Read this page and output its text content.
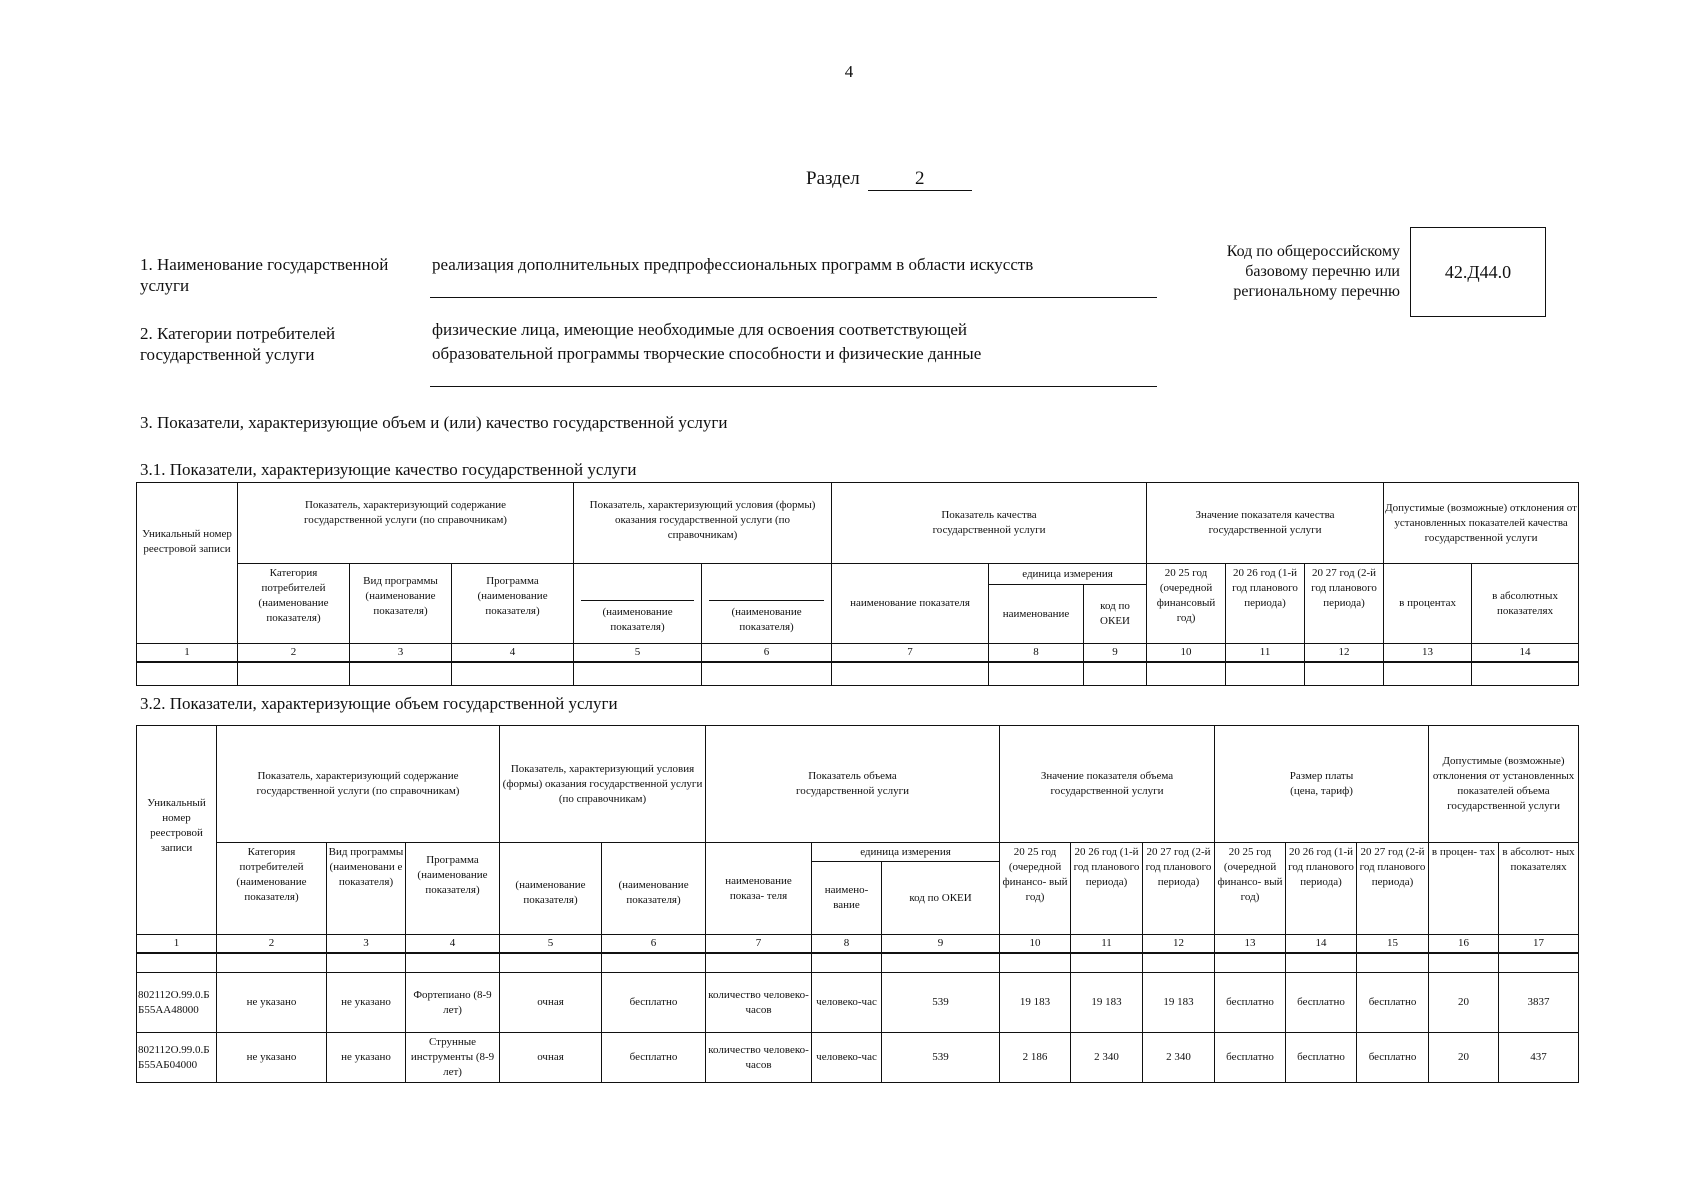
4
Раздел	2
1. Наименование государственной услуги
реализация дополнительных предпрофессиональных программ в области искусств
2. Категории потребителей государственной услуги
физические лица, имеющие необходимые для освоения соответствующей
образовательной программы творческие способности и физические данные
Код по общероссийскому
базовому перечню или
региональному перечню
42.Д44.0
3. Показатели, характеризующие объем и (или) качество государственной услуги
3.1. Показатели, характеризующие качество государственной услуги
Уникальный номер реестровой записи	Показатель, характеризующий содержание государственной услуги (по справочникам)			Показатель, характеризующий условия (формы) оказания государственной услуги (по справочникам)		Показатель качества государственной услуги			Значение показателя качества государственной услуги			Допустимые (возможные) отклонения от установленных показателей качества государственной услуги	
	Категория потребителей (наименование показателя)	Вид программы (наименование показателя)	Программа (наименование показателя)	(наименование показателя)	(наименование показателя)	наименование показателя	единица измерения		20 25 год (очередной финансовый год)	20 26 год (1-й год планового периода)	20 27 год (2-й год планового периода)	в процентах	в абсолютных показателях
							наименование	код по ОКЕИ					
1	2	3	4	5	6	7	8	9	10	11	12	13	14

3.2. Показатели, характеризующие объем государственной услуги
Уникальный номер реестровой записи	Показатель, характеризующий содержание государственной услуги (по справочникам)			Показатель, характеризующий условия (формы) оказания государственной услуги (по справочникам)		Показатель объема государственной услуги			Значение показателя объема государственной услуги			Размер платы (цена, тариф)			Допустимые (возможные) отклонения от установленных показателей объема государственной услуги	
	Категория потребителей (наименование показателя)	Вид программы (наименовани е показателя)	Программа (наименование показателя)	(наименование показателя)	(наименование показателя)	наименование показа- теля	единица измерения		20 25 год (очередной финансо- вый год)	20 26 год (1-й год планового периода)	20 27 год (2-й год планового периода)	20 25 год (очередной финансо- вый год)	20 26 год (1-й год планового периода)	20 27 год (2-й год планового периода)	в процен- тах	в абсолют- ных показателях
							наимено- вание	код по ОКЕИ								
1	2	3	4	5	6	7	8	9	10	11	12	13	14	15	16	17

802112О.99.0.ББ55АА48000	не указано	не указано	Фортепиано (8-9 лет)	очная	бесплатно	количество человеко-часов	человеко-час	539	19 183	19 183	19 183	бесплатно	бесплатно	бесплатно	20	3837
802112О.99.0.ББ55АБ04000	не указано	не указано	Струнные инструменты (8-9 лет)	очная	бесплатно	количество человеко-часов	человеко-час	539	2 186	2 340	2 340	бесплатно	бесплатно	бесплатно	20	437
